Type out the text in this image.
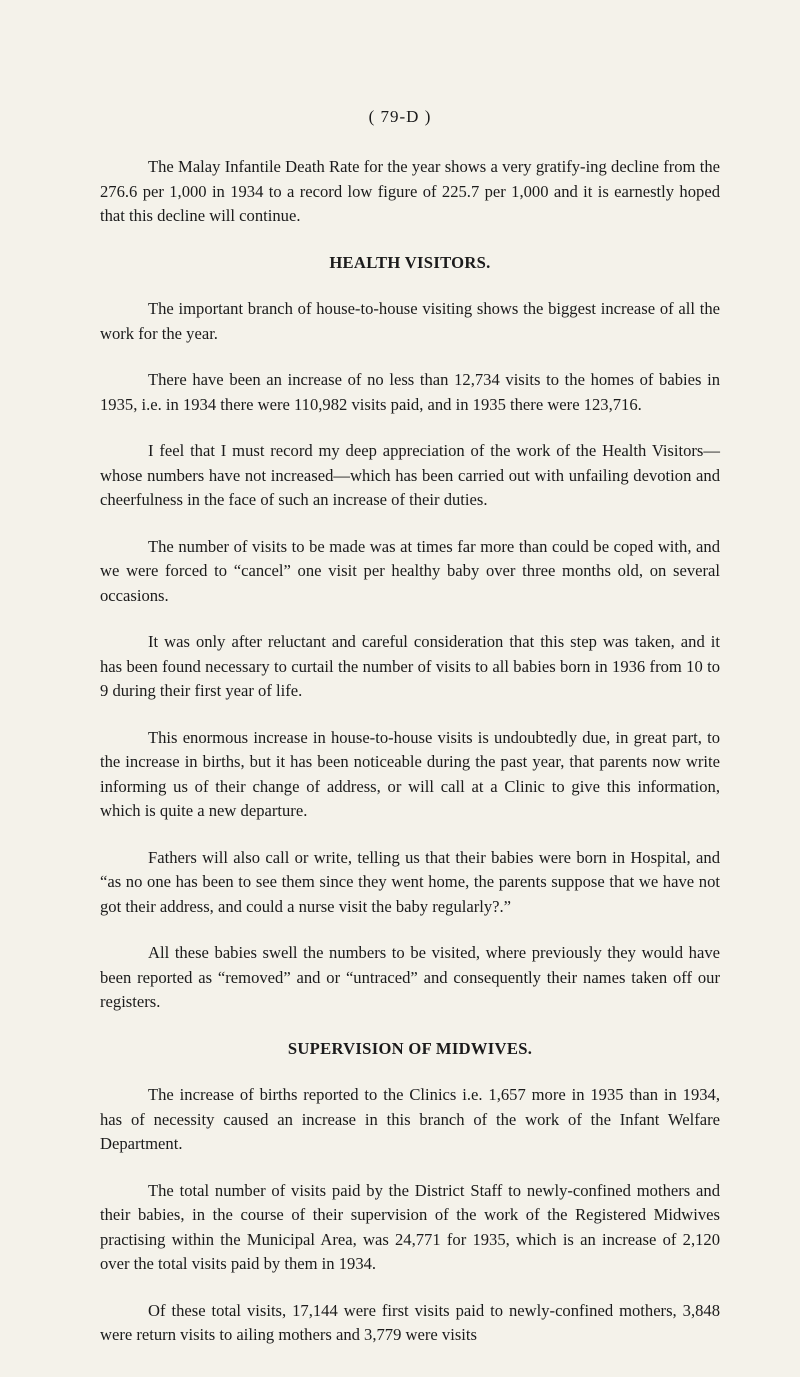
( 79-D )

The Malay Infantile Death Rate for the year shows a very gratify-ing decline from the 276.6 per 1,000 in 1934 to a record low figure of 225.7 per 1,000 and it is earnestly hoped that this decline will continue.

HEALTH VISITORS.

The important branch of house-to-house visiting shows the biggest increase of all the work for the year.

There have been an increase of no less than 12,734 visits to the homes of babies in 1935, i.e. in 1934 there were 110,982 visits paid, and in 1935 there were 123,716.

I feel that I must record my deep appreciation of the work of the Health Visitors—whose numbers have not increased—which has been carried out with unfailing devotion and cheerfulness in the face of such an increase of their duties.

The number of visits to be made was at times far more than could be coped with, and we were forced to “cancel” one visit per healthy baby over three months old, on several occasions.

It was only after reluctant and careful consideration that this step was taken, and it has been found necessary to curtail the number of visits to all babies born in 1936 from 10 to 9 during their first year of life.

This enormous increase in house-to-house visits is undoubtedly due, in great part, to the increase in births, but it has been noticeable during the past year, that parents now write informing us of their change of address, or will call at a Clinic to give this information, which is quite a new departure.

Fathers will also call or write, telling us that their babies were born in Hospital, and “as no one has been to see them since they went home, the parents suppose that we have not got their address, and could a nurse visit the baby regularly?.”

All these babies swell the numbers to be visited, where previously they would have been reported as “removed” and or “untraced” and consequently their names taken off our registers.

SUPERVISION OF MIDWIVES.

The increase of births reported to the Clinics i.e. 1,657 more in 1935 than in 1934, has of necessity caused an increase in this branch of the work of the Infant Welfare Department.

The total number of visits paid by the District Staff to newly-confined mothers and their babies, in the course of their supervision of the work of the Registered Midwives practising within the Municipal Area, was 24,771 for 1935, which is an increase of 2,120 over the total visits paid by them in 1934.

Of these total visits, 17,144 were first visits paid to newly-confined mothers, 3,848 were return visits to ailing mothers and 3,779 were visits
